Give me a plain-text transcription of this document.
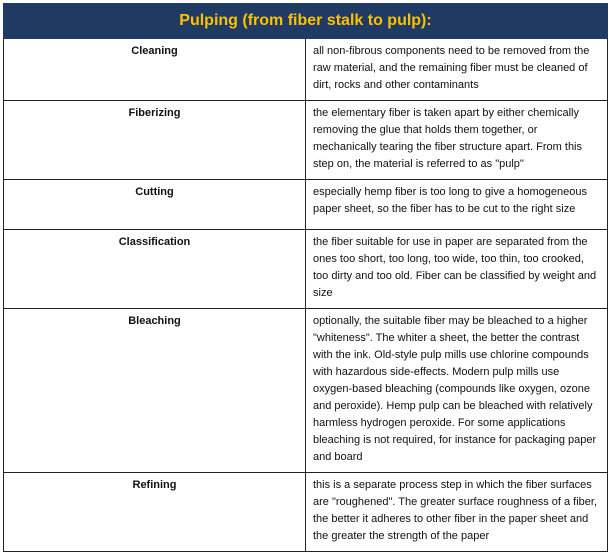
Pulping (from fiber stalk to pulp):	
Cleaning	all non-fibrous components need to be removed from the raw material, and the remaining fiber must be cleaned of dirt, rocks and other contaminants
Fiberizing	the elementary fiber is taken apart by either chemically removing the glue that holds them together, or mechanically tearing the fiber structure apart. From this step on, the material is referred to as "pulp"
Cutting	especially hemp fiber is too long to give a homogeneous paper sheet, so the fiber has to be cut to the right size
Classification	the fiber suitable for use in paper are separated from the ones too short, too long, too wide, too thin, too crooked, too dirty and too old. Fiber can be classified by weight and size
Bleaching	optionally, the suitable fiber may be bleached to a higher "whiteness". The whiter a sheet, the better the contrast with the ink. Old-style pulp mills use chlorine compounds with hazardous side-effects. Modern pulp mills use oxygen-based bleaching (compounds like oxygen, ozone and peroxide). Hemp pulp can be bleached with relatively harmless hydrogen peroxide. For some applications bleaching is not required, for instance for packaging paper and board
Refining	this is a separate process step in which the fiber surfaces are "roughened". The greater surface roughness of a fiber, the better it adheres to other fiber in the paper sheet and the greater the strength of the paper
